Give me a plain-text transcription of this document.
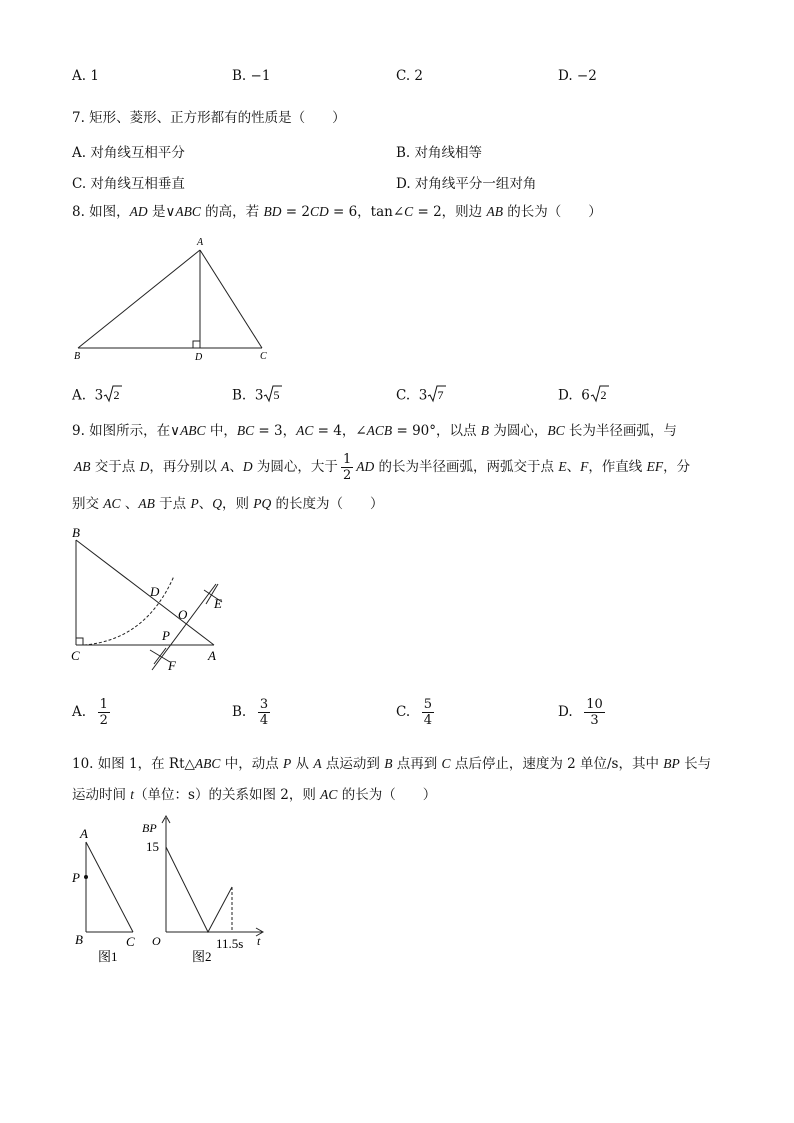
A. 1	B. −1	C. 2	D. −2
7. 矩形、菱形、正方形都有的性质是（　　）
A. 对角线互相平分	B. 对角线相等
C. 对角线互相垂直	D. 对角线平分一组对角
8. 如图，AD 是∨ABC 的高，若 BD = 2CD = 6，tan∠C = 2，则边 AB 的长为（　　）
A
B	C
D
A. 3 2	B. 3 5	C. 3 7	D. 6 2
9. 如图所示，在∨ABC 中，BC = 3，AC = 4，∠ACB = 90°，以点 B 为圆心，BC 长为半径画弧，与
AB 交于点 D，再分别以 A、D 为圆心，大于 $\frac{1}{2}$ AD 的长为半径画弧，两弧交于点 E、F，作直线 EF，分
别交 AC 、AB 于点 P、Q，则 PQ 的长度为（　　）
B
D
O
E
P
C	A
F
A. $\frac{1}{2}$	B. $\frac{3}{4}$	C. $\frac{5}{4}$	D. $\frac{10}{3}$
10. 如图 1，在 Rt△ABC 中，动点 P 从 A 点运动到 B 点再到 C 点后停止，速度为 2 单位/s，其中 BP 长与
运动时间 t（单位：s）的关系如图 2，则 AC 的长为（　　）
A
P
B	C
图1
BP
15
O	11.5s t
图2
